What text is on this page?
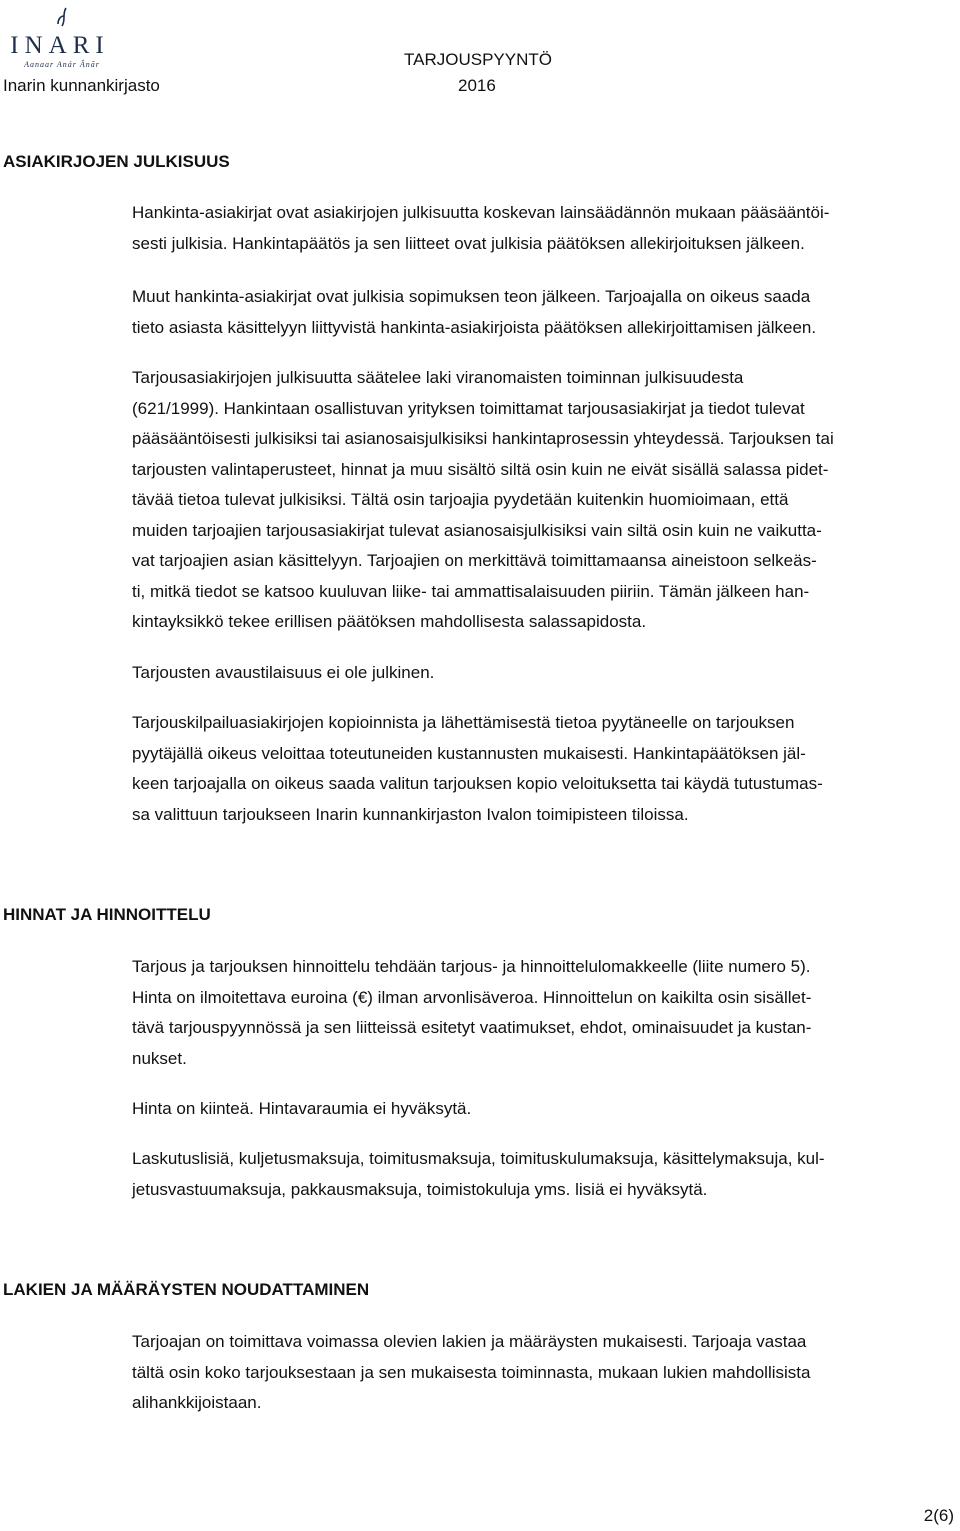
INARI
Aanaar Anár Ânãr
Inarin kunnankirjasto
TARJOUSPYYNTÖ
2016
ASIAKIRJOJEN JULKISUUS

Hankinta-asiakirjat ovat asiakirjojen julkisuutta koskevan lainsäädännön mukaan pääsääntöi-
sesti julkisia. Hankintapäätös ja sen liitteet ovat julkisia päätöksen allekirjoituksen jälkeen.

Muut hankinta-asiakirjat ovat julkisia sopimuksen teon jälkeen. Tarjoajalla on oikeus saada
tieto asiasta käsittelyyn liittyvistä hankinta-asiakirjoista päätöksen allekirjoittamisen jälkeen.

Tarjousasiakirjojen julkisuutta säätelee laki viranomaisten toiminnan julkisuudesta
(621/1999). Hankintaan osallistuvan yrityksen toimittamat tarjousasiakirjat ja tiedot tulevat
pääsääntöisesti julkisiksi tai asianosaisjulkisiksi hankintaprosessin yhteydessä. Tarjouksen tai
tarjousten valintaperusteet, hinnat ja muu sisältö siltä osin kuin ne eivät sisällä salassa pidet-
tävää tietoa tulevat julkisiksi. Tältä osin tarjoajia pyydetään kuitenkin huomioimaan, että
muiden tarjoajien tarjousasiakirjat tulevat asianosaisjulkisiksi vain siltä osin kuin ne vaikutta-
vat tarjoajien asian käsittelyyn. Tarjoajien on merkittävä toimittamaansa aineistoon selkeäs-
ti, mitkä tiedot se katsoo kuuluvan liike- tai ammattisalaisuuden piiriin. Tämän jälkeen han-
kintayksikkö tekee erillisen päätöksen mahdollisesta salassapidosta.

Tarjousten avaustilaisuus ei ole julkinen.

Tarjouskilpailuasiakirjojen kopioinnista ja lähettämisestä tietoa pyytäneelle on tarjouksen
pyytäjällä oikeus veloittaa toteutuneiden kustannusten mukaisesti. Hankintapäätöksen jäl-
keen tarjoajalla on oikeus saada valitun tarjouksen kopio veloituksetta tai käydä tutustumas-
sa valittuun tarjoukseen Inarin kunnankirjaston Ivalon toimipisteen tiloissa.

HINNAT JA HINNOITTELU

Tarjous ja tarjouksen hinnoittelu tehdään tarjous- ja hinnoittelulomakkeelle (liite numero 5).
Hinta on ilmoitettava euroina (€) ilman arvonlisäveroa. Hinnoittelun on kaikilta osin sisället-
tävä tarjouspyynnössä ja sen liitteissä esitetyt vaatimukset, ehdot, ominaisuudet ja kustan-
nukset.

Hinta on kiinteä. Hintavaraumia ei hyväksytä.

Laskutuslisiä, kuljetusmaksuja, toimitusmaksuja, toimituskulumaksuja, käsittelymaksuja, kul-
jetusvastuumaksuja, pakkausmaksuja, toimistokuluja yms. lisiä ei hyväksytä.

LAKIEN JA MÄÄRÄYSTEN NOUDATTAMINEN

Tarjoajan on toimittava voimassa olevien lakien ja määräysten mukaisesti. Tarjoaja vastaa
tältä osin koko tarjouksestaan ja sen mukaisesta toiminnasta, mukaan lukien mahdollisista
alihankkijoistaan.

2(6)
